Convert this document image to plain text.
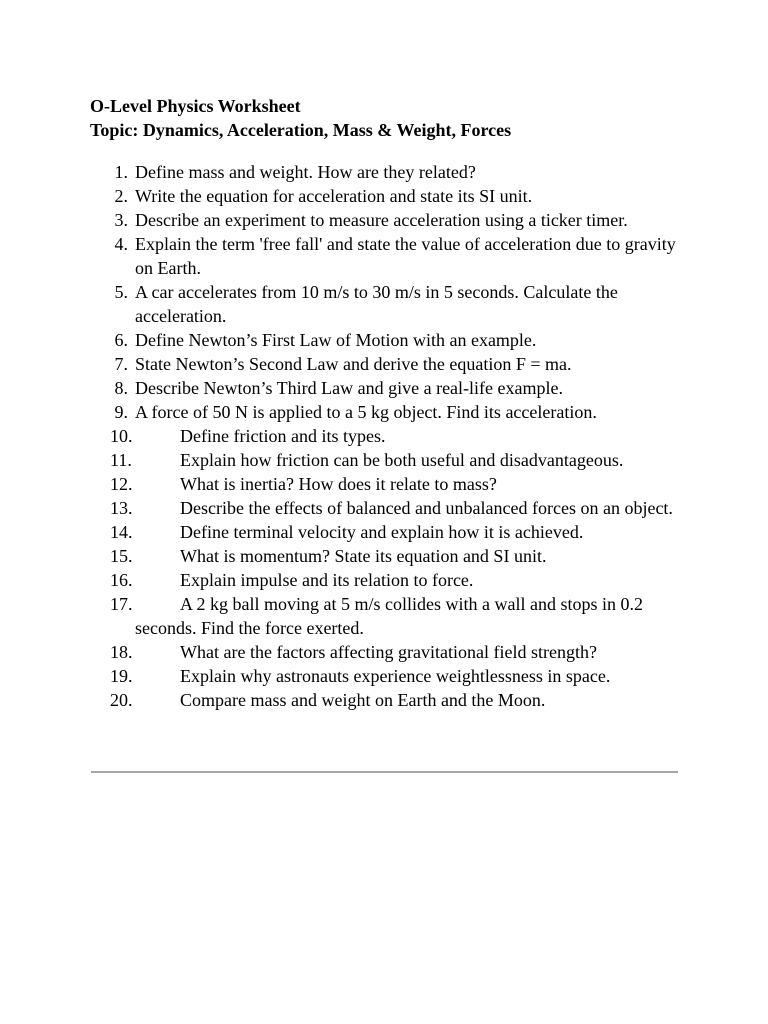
O-Level Physics Worksheet

Topic: Dynamics, Acceleration, Mass & Weight, Forces

1. Define mass and weight. How are they related?
2. Write the equation for acceleration and state its SI unit.
3. Describe an experiment to measure acceleration using a ticker timer.
4. Explain the term 'free fall' and state the value of acceleration due to gravity on Earth.
5. A car accelerates from 10 m/s to 30 m/s in 5 seconds. Calculate the acceleration.
6. Define Newton’s First Law of Motion with an example.
7. State Newton’s Second Law and derive the equation F = ma.
8. Describe Newton’s Third Law and give a real-life example.
9. A force of 50 N is applied to a 5 kg object. Find its acceleration.
10.	Define friction and its types.
11.	Explain how friction can be both useful and disadvantageous.
12.	What is inertia? How does it relate to mass?
13.	Describe the effects of balanced and unbalanced forces on an object.
14.	Define terminal velocity and explain how it is achieved.
15.	What is momentum? State its equation and SI unit.
16.	Explain impulse and its relation to force.
17.	A 2 kg ball moving at 5 m/s collides with a wall and stops in 0.2 seconds. Find the force exerted.
18.	What are the factors affecting gravitational field strength?
19.	Explain why astronauts experience weightlessness in space.
20.	Compare mass and weight on Earth and the Moon.
